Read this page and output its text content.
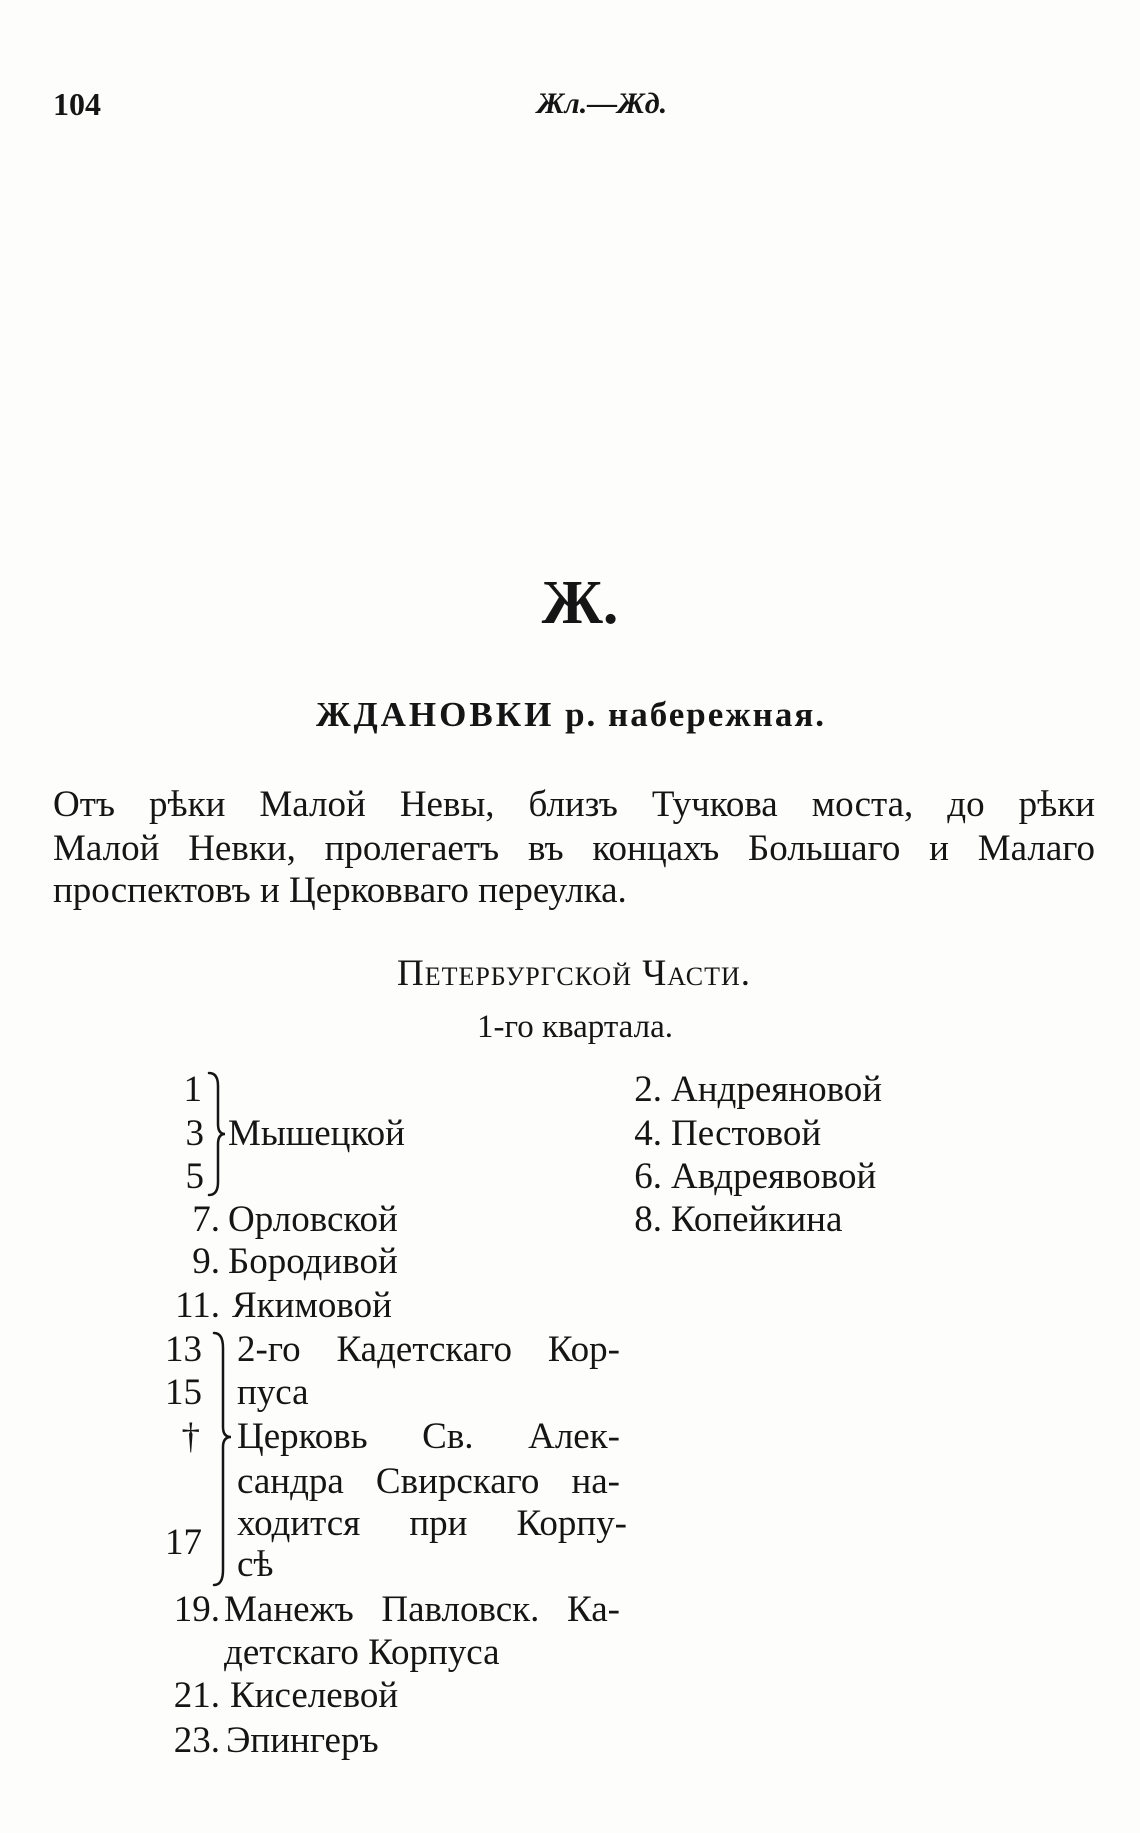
104	Жл.—Жд.
Ж.
ЖДАНОВКИ р. набережная.
Отъ рѣки Малой Невы, близъ Тучкова моста, до рѣки
Малой Невки, пролегаетъ въ концахъ Большаго и Малаго
проспектовъ и Церковваго переулка.
Петербургской Части.
1-го квартала.
1
3
5
Мышецкой
7. Орловской
9. Бородивой
11. Якимовой
13
15
†
17
2-го Кадетскаго Кор-
пуса
Церковь Св. Алек-
сандра Свирскаго на-
ходится при Корпу-
сѣ
19. Манежъ Павловск. Ка-
детскаго Корпуса
21. Киселевой
23. Эпингеръ
2. Андреяновой
4. Пестовой
6. Авдреявовой
8. Копейкина
